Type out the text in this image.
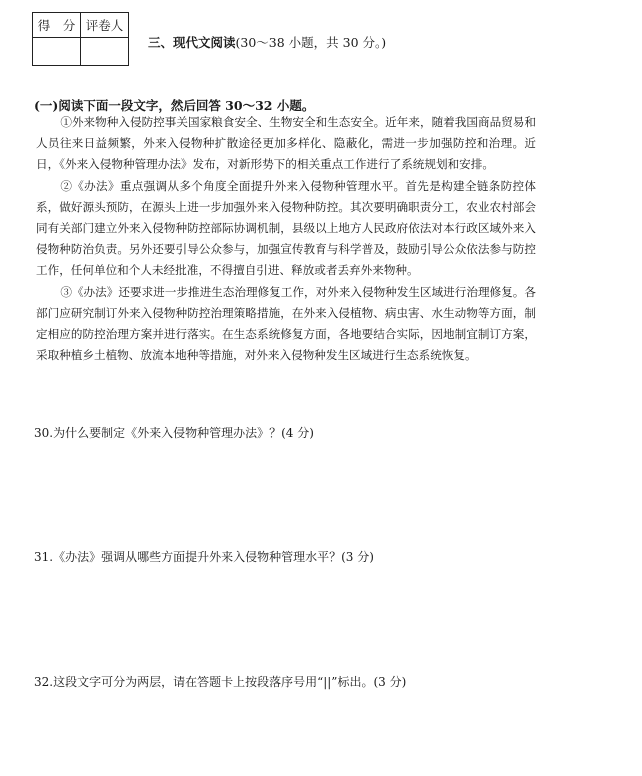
得　分	评卷人

三、现代文阅读(30～38 小题，共 30 分。)
(一)阅读下面一段文字，然后回答 30～32 小题。

①外来物种入侵防控事关国家粮食安全、生物安全和生态安全。近年来，随着我国商品贸易和人员往来日益频繁，外来入侵物种扩散途径更加多样化、隐蔽化，需进一步加强防控和治理。近日，《外来入侵物种管理办法》发布，对新形势下的相关重点工作进行了系统规划和安排。

②《办法》重点强调从多个角度全面提升外来入侵物种管理水平。首先是构建全链条防控体系，做好源头预防，在源头上进一步加强外来入侵物种防控。其次要明确职责分工，农业农村部会同有关部门建立外来入侵物种防控部际协调机制，县级以上地方人民政府依法对本行政区域外来入侵物种防治负责。另外还要引导公众参与，加强宣传教育与科学普及，鼓励引导公众依法参与防控工作，任何单位和个人未经批准，不得擅自引进、释放或者丢弃外来物种。

③《办法》还要求进一步推进生态治理修复工作，对外来入侵物种发生区域进行治理修复。各部门应研究制订外来入侵物种防控治理策略措施，在外来入侵植物、病虫害、水生动物等方面，制定相应的防控治理方案并进行落实。在生态系统修复方面，各地要结合实际，因地制宜制订方案，采取种植乡土植物、放流本地种等措施，对外来入侵物种发生区域进行生态系统恢复。

30.为什么要制定《外来入侵物种管理办法》？(4 分)
31.《办法》强调从哪些方面提升外来入侵物种管理水平？(3 分)
32.这段文字可分为两层，请在答题卡上按段落序号用“||”标出。(3 分)
